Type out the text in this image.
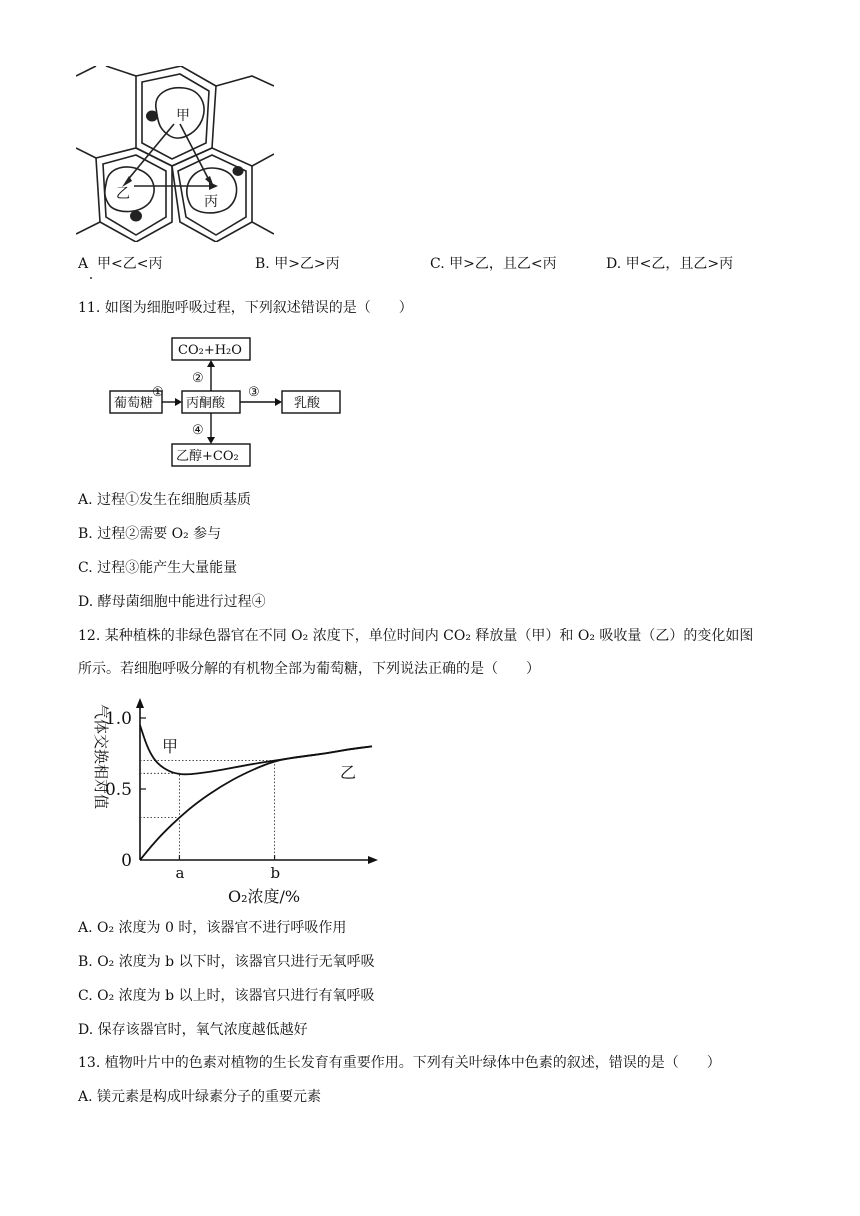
甲
乙	丙
A 甲<乙<丙	B. 甲>乙>丙	C. 甲>乙，且乙<丙	D. 甲<乙，且乙>丙
11. 如图为细胞呼吸过程，下列叙述错误的是（　　）
CO₂+H₂O
葡萄糖	丙酮酸	乳酸
乙醇+CO₂
①
②
③
④
A. 过程①发生在细胞质基质
B. 过程②需要 O₂ 参与
C. 过程③能产生大量能量
D. 酵母菌细胞中能进行过程④
12. 某种植株的非绿色器官在不同 O₂ 浓度下，单位时间内 CO₂ 释放量（甲）和 O₂ 吸收量（乙）的变化如图
所示。若细胞呼吸分解的有机物全部为葡萄糖，下列说法正确的是（　　）
0
0.5
1.0
a	b
甲
乙
气体交换相对值
O₂浓度/%
A. O₂ 浓度为 0 时，该器官不进行呼吸作用
B. O₂ 浓度为 b 以下时，该器官只进行无氧呼吸
C. O₂ 浓度为 b 以上时，该器官只进行有氧呼吸
D. 保存该器官时，氧气浓度越低越好
13. 植物叶片中的色素对植物的生长发育有重要作用。下列有关叶绿体中色素的叙述，错误的是（　　）
A. 镁元素是构成叶绿素分子的重要元素
